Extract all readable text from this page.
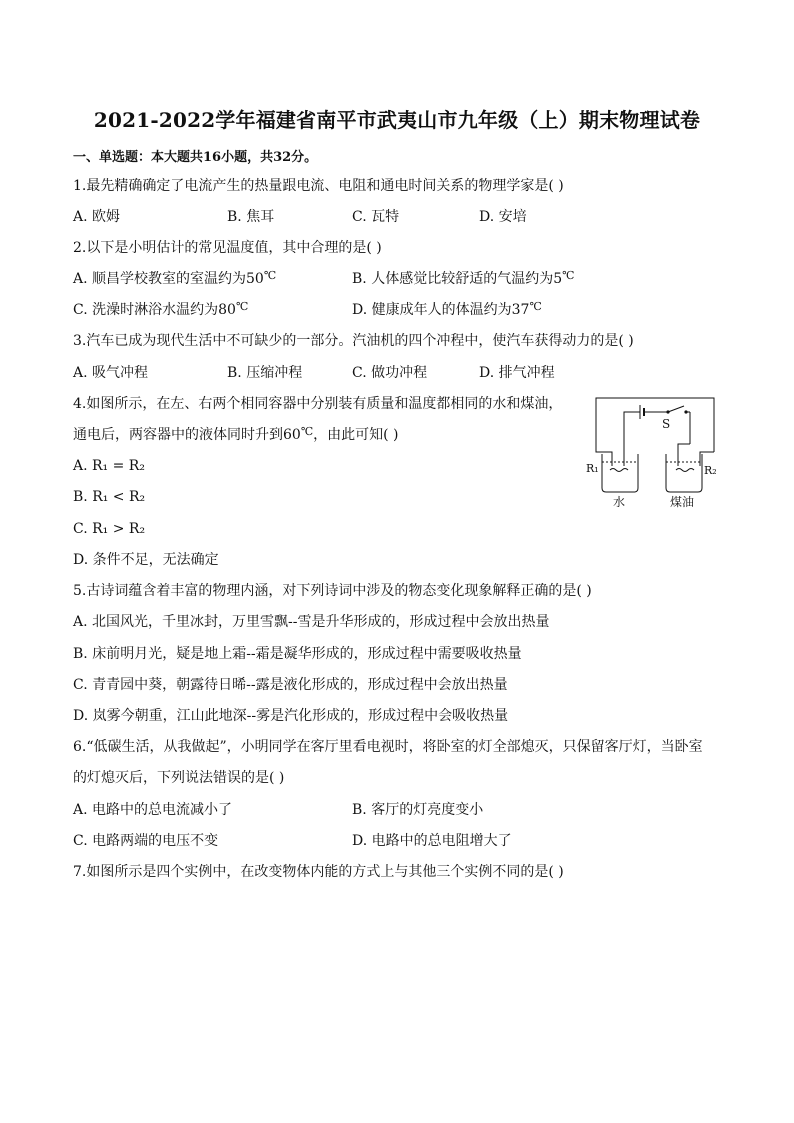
2021-2022学年福建省南平市武夷山市九年级（上）期末物理试卷
一、单选题：本大题共16小题，共32分。
1.最先精确确定了电流产生的热量跟电流、电阻和通电时间关系的物理学家是( )
A. 欧姆	B. 焦耳	C. 瓦特	D. 安培
2.以下是小明估计的常见温度值，其中合理的是( )
A. 顺昌学校教室的室温约为50℃	B. 人体感觉比较舒适的气温约为5℃
C. 洗澡时淋浴水温约为80℃	D. 健康成年人的体温约为37℃
3.汽车已成为现代生活中不可缺少的一部分。汽油机的四个冲程中，使汽车获得动力的是( )
A. 吸气冲程	B. 压缩冲程	C. 做功冲程	D. 排气冲程
4.如图所示，在左、右两个相同容器中分别装有质量和温度都相同的水和煤油，
通电后，两容器中的液体同时升到60℃，由此可知( )
A. R₁ = R₂
B. R₁ < R₂
C. R₁ > R₂
D. 条件不足，无法确定
S
R₁	R₂
水	煤油
5.古诗词蕴含着丰富的物理内涵，对下列诗词中涉及的物态变化现象解释正确的是( )
A. 北国风光，千里冰封，万里雪飘--雪是升华形成的，形成过程中会放出热量
B. 床前明月光，疑是地上霜--霜是凝华形成的，形成过程中需要吸收热量
C. 青青园中葵，朝露待日晞--露是液化形成的，形成过程中会放出热量
D. 岚雾今朝重，江山此地深--雾是汽化形成的，形成过程中会吸收热量
6.“低碳生活，从我做起”，小明同学在客厅里看电视时，将卧室的灯全部熄灭，只保留客厅灯，当卧室
的灯熄灭后，下列说法错误的是( )
A. 电路中的总电流减小了	B. 客厅的灯亮度变小
C. 电路两端的电压不变	D. 电路中的总电阻增大了
7.如图所示是四个实例中，在改变物体内能的方式上与其他三个实例不同的是( )
